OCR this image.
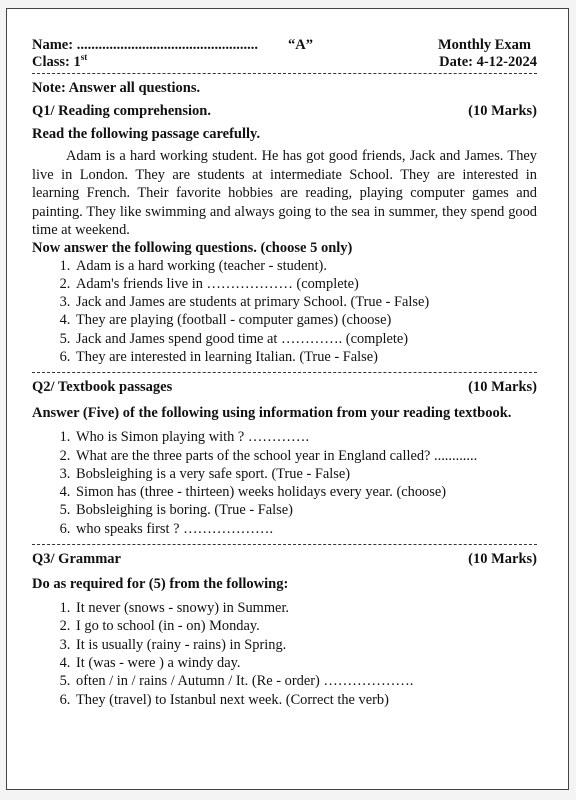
Name: .................................................. “A”	Monthly Exam
Class: 1st	Date: 4-12-2024

Note: Answer all questions.

Q1/ Reading comprehension.	(10 Marks)

Read the following passage carefully.

Adam is a hard working student. He has got good friends, Jack and James. They live in London. They are students at intermediate School. They are interested in learning French. Their favorite hobbies are reading, playing computer games and painting. They like swimming and always going to the sea in summer, they spend good time at weekend.

Now answer the following questions. (choose 5 only)

1. Adam is a hard working (teacher - student).
2. Adam's friends live in ……………… (complete)
3. Jack and James are students at primary School. (True - False)
4. They are playing (football - computer games) (choose)
5. Jack and James spend good time at …………. (complete)
6. They are interested in learning Italian. (True - False)
Q2/ Textbook passages	(10 Marks)

Answer (Five) of the following using information from your reading textbook.

1. Who is Simon playing with ? ………….
2. What are the three parts of the school year in England called? ............
3. Bobsleighing is a very safe sport. (True - False)
4. Simon has (three - thirteen) weeks holidays every year. (choose)
5. Bobsleighing is boring. (True - False)
6. who speaks first ? ……………….
Q3/ Grammar	(10 Marks)

Do as required for (5) from the following:

1. It never (snows - snowy) in Summer.
2. I go to school (in - on) Monday.
3. It is usually (rainy - rains) in Spring.
4. It (was - were ) a windy day.
5. often / in / rains / Autumn / It. (Re - order) ……………….
6. They (travel) to Istanbul next week. (Correct the verb)
